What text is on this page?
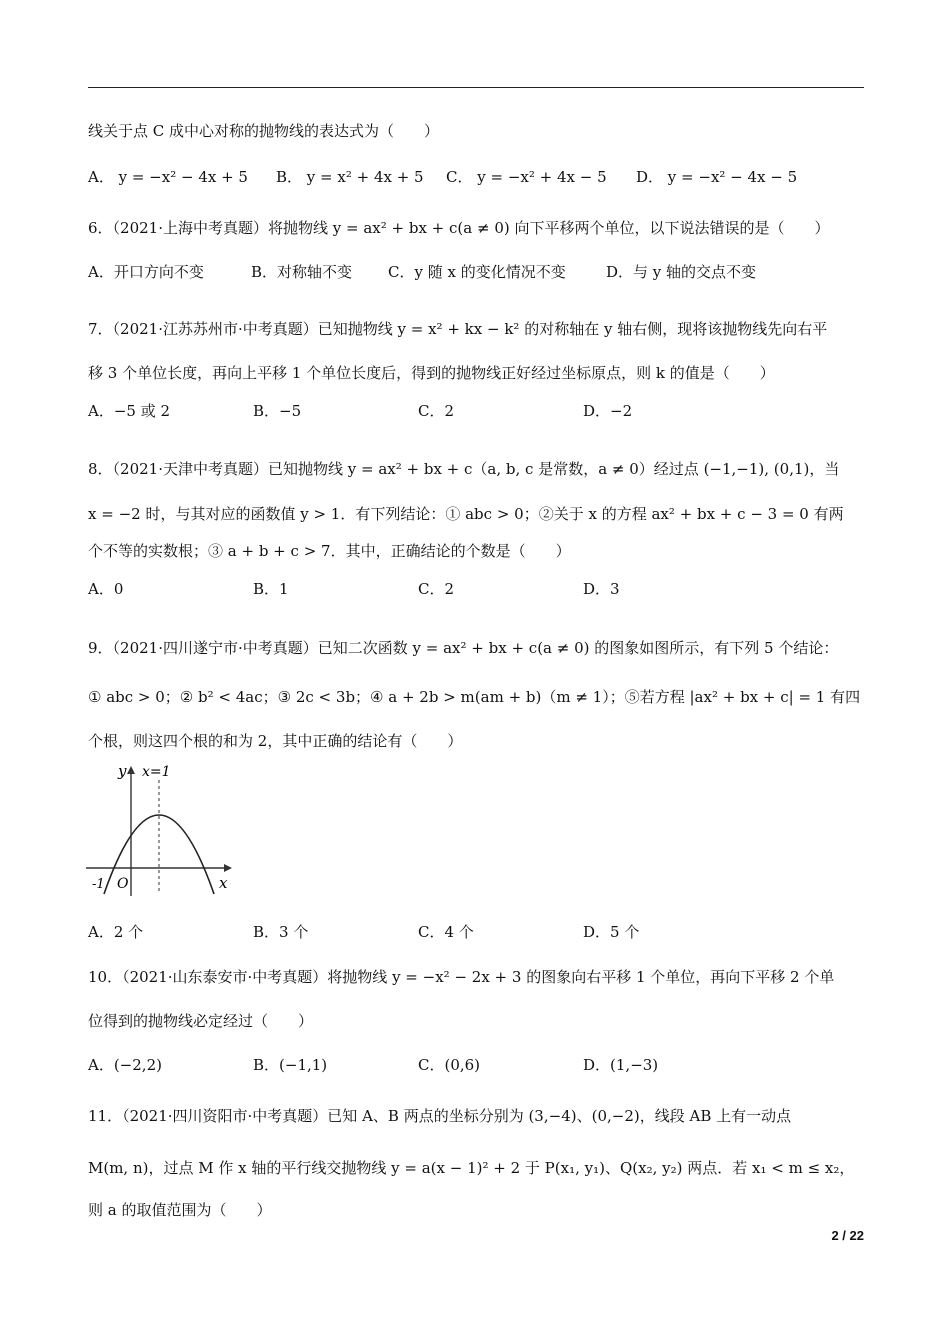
线关于点 C 成中心对称的抛物线的表达式为（　　）
A． y = −x² − 4x + 5 B． y = x² + 4x + 5 C． y = −x² + 4x − 5 D． y = −x² − 4x − 5
6．（2021·上海中考真题）将抛物线 y = ax² + bx + c(a ≠ 0) 向下平移两个单位，以下说法错误的是（　　）
A．开口方向不变	B．对称轴不变 C．y 随 x 的变化情况不变	D．与 y 轴的交点不变
7．（2021·江苏苏州市·中考真题）已知抛物线 y = x² + kx − k² 的对称轴在 y 轴右侧，现将该抛物线先向右平
移 3 个单位长度，再向上平移 1 个单位长度后，得到的抛物线正好经过坐标原点，则 k 的值是（　　）
A．−5 或 2	B．−5	C．2	D．−2
8．（2021·天津中考真题）已知抛物线 y = ax² + bx + c（a, b, c 是常数，a ≠ 0）经过点 (−1,−1), (0,1)，当
x = −2 时，与其对应的函数值 y > 1．有下列结论：① abc > 0；②关于 x 的方程 ax² + bx + c − 3 = 0 有两
个不等的实数根；③ a + b + c > 7．其中，正确结论的个数是（　　）
A．0	B．1	C．2	D．3
9．（2021·四川遂宁市·中考真题）已知二次函数 y = ax² + bx + c(a ≠ 0) 的图象如图所示，有下列 5 个结论：
① abc > 0；② b² < 4ac；③ 2c < 3b；④ a + 2b > m(am + b)（m ≠ 1）；⑤若方程 |ax² + bx + c| = 1 有四
个根，则这四个根的和为 2，其中正确的结论有（　　）
y x=1
x
O
-1
A．2 个	B．3 个	C．4 个	D．5 个
10．（2021·山东泰安市·中考真题）将抛物线 y = −x² − 2x + 3 的图象向右平移 1 个单位，再向下平移 2 个单
位得到的抛物线必定经过（　　）
A．(−2,2)	B．(−1,1)	C．(0,6)	D．(1,−3)
11．（2021·四川资阳市·中考真题）已知 A、B 两点的坐标分别为 (3,−4)、(0,−2)，线段 AB 上有一动点
M(m, n)，过点 M 作 x 轴的平行线交抛物线 y = a(x − 1)² + 2 于 P(x₁, y₁)、Q(x₂, y₂) 两点．若 x₁ < m ≤ x₂，
则 a 的取值范围为（　　）
2 / 22
